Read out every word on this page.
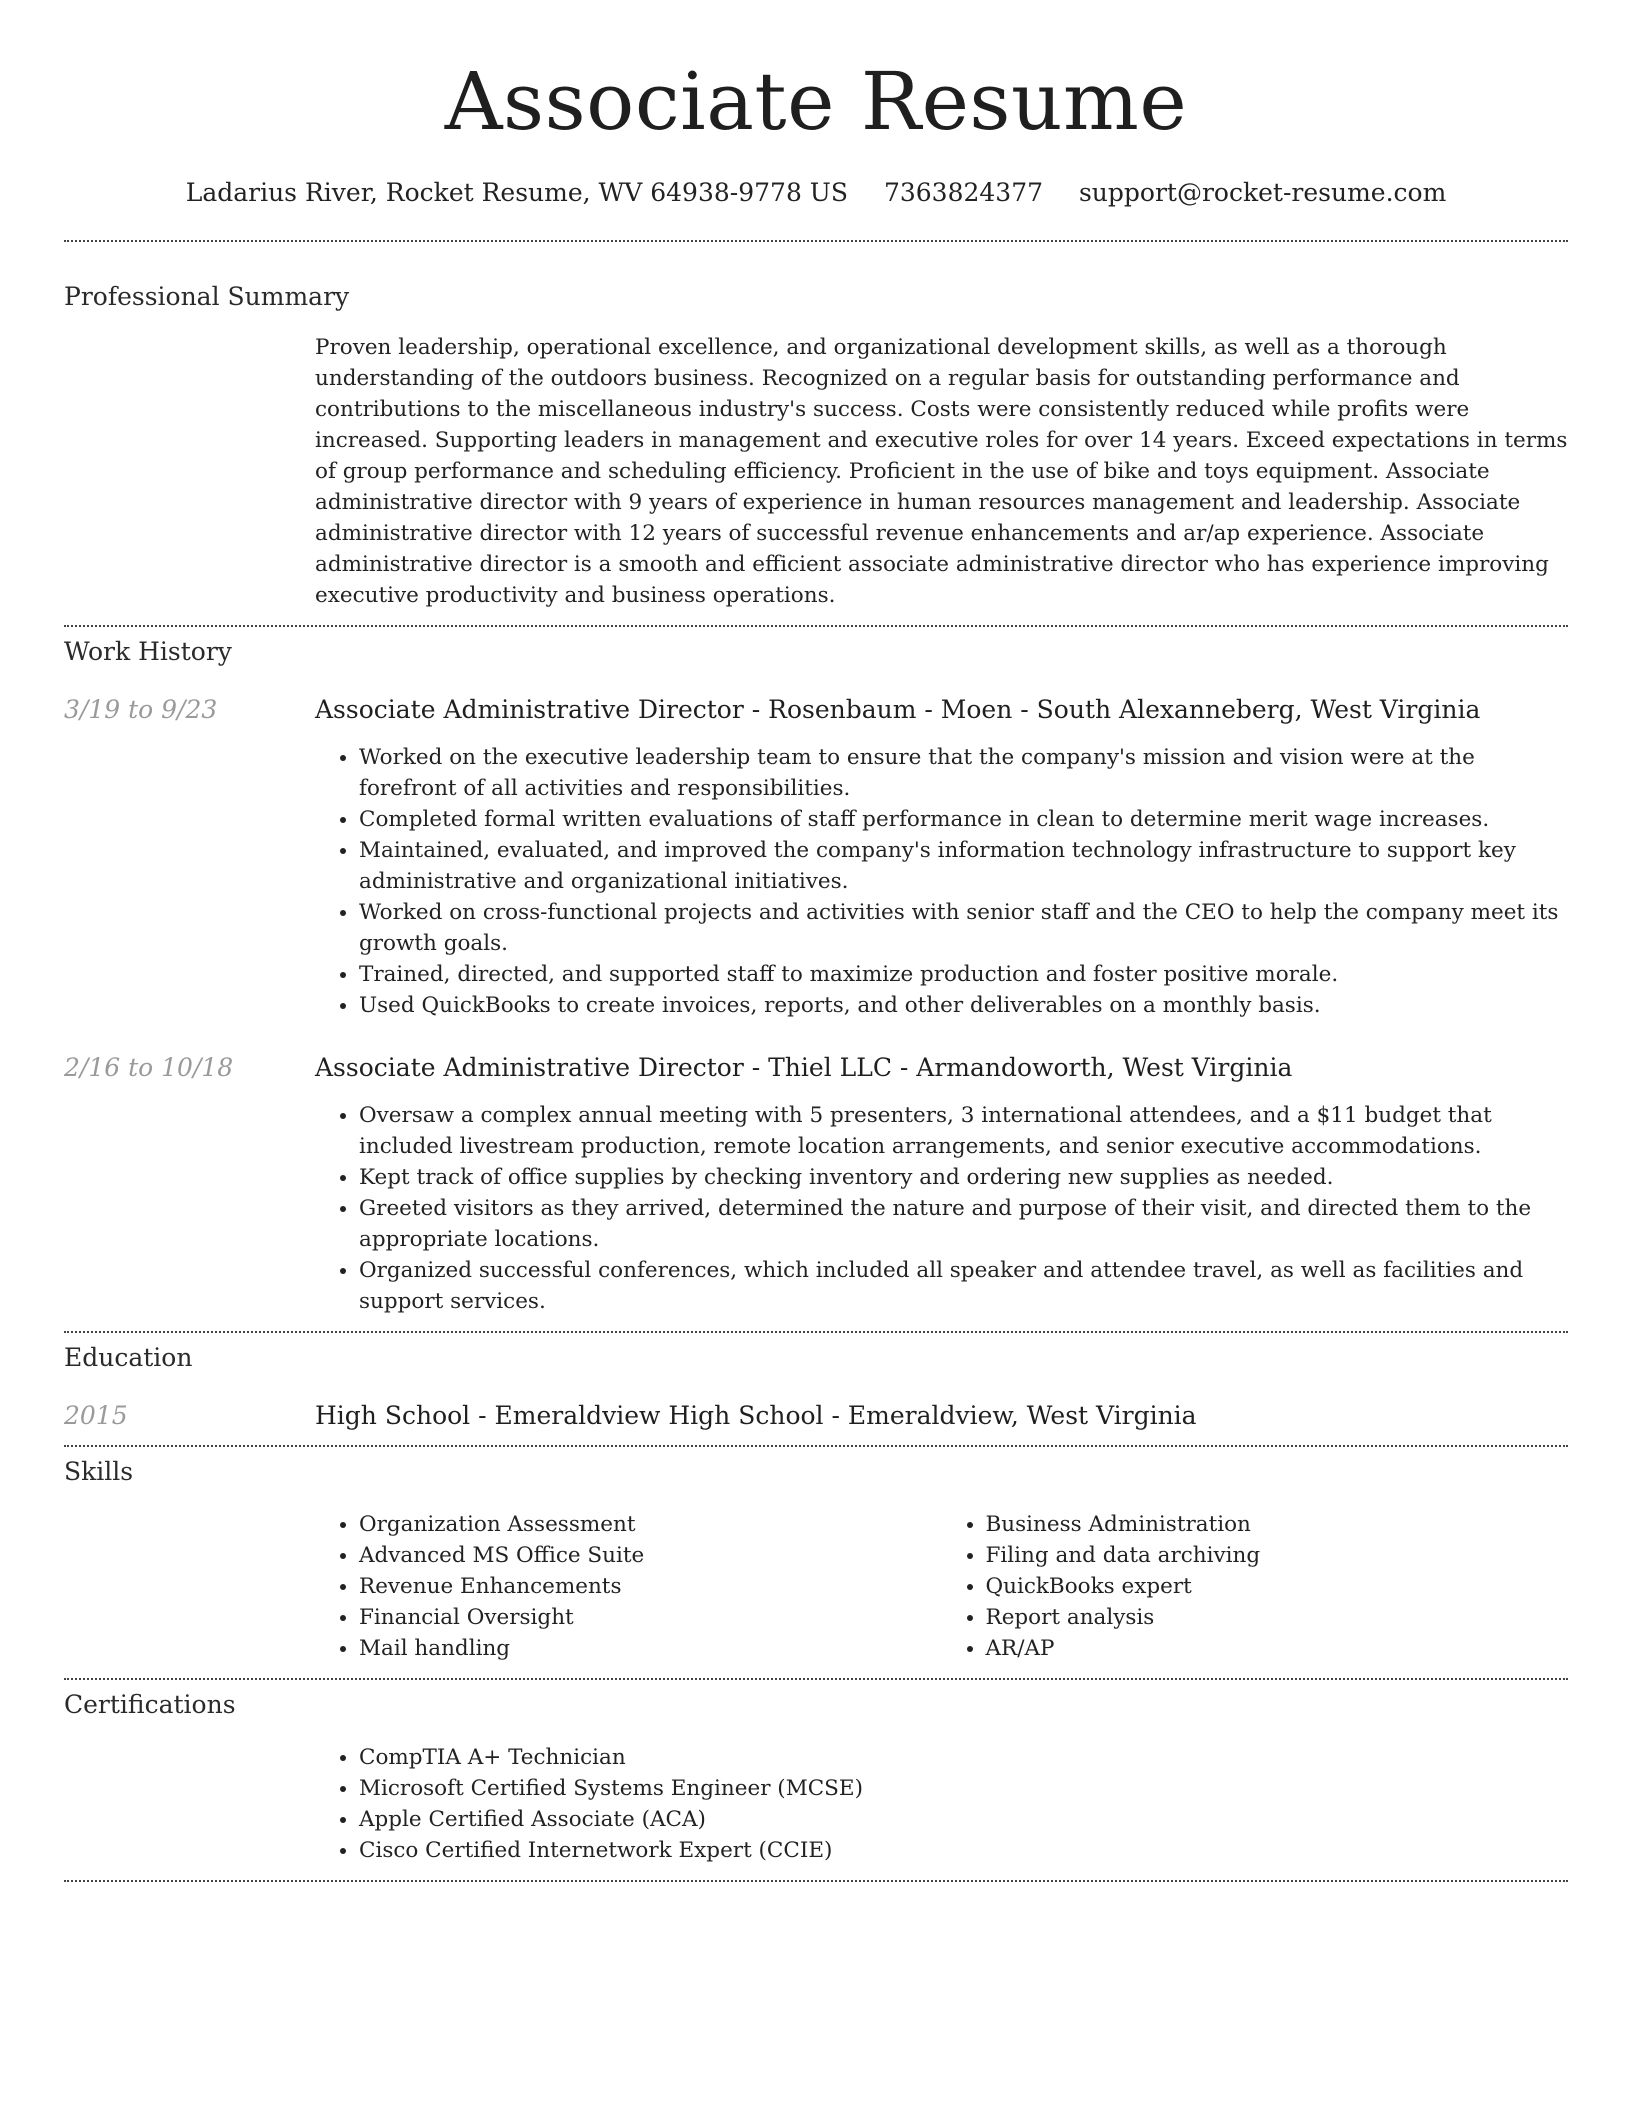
Associate Resume
Ladarius River, Rocket Resume, WV 64938-9778 US 7363824377 support@rocket-resume.com
Professional Summary
Proven leadership, operational excellence, and organizational development skills, as well as a thorough understanding of the outdoors business. Recognized on a regular basis for outstanding performance and contributions to the miscellaneous industry's success. Costs were consistently reduced while profits were increased. Supporting leaders in management and executive roles for over 14 years. Exceed expectations in terms of group performance and scheduling efficiency. Proficient in the use of bike and toys equipment. Associate administrative director with 9 years of experience in human resources management and leadership. Associate administrative director with 12 years of successful revenue enhancements and ar/ap experience. Associate administrative director is a smooth and efficient associate administrative director who has experience improving executive productivity and business operations.
Work History
3/19 to 9/23	Associate Administrative Director - Rosenbaum - Moen - South Alexanneberg, West Virginia
• Worked on the executive leadership team to ensure that the company's mission and vision were at the forefront of all activities and responsibilities.
• Completed formal written evaluations of staff performance in clean to determine merit wage increases.
• Maintained, evaluated, and improved the company's information technology infrastructure to support key administrative and organizational initiatives.
• Worked on cross-functional projects and activities with senior staff and the CEO to help the company meet its growth goals.
• Trained, directed, and supported staff to maximize production and foster positive morale.
• Used QuickBooks to create invoices, reports, and other deliverables on a monthly basis.
2/16 to 10/18	Associate Administrative Director - Thiel LLC - Armandoworth, West Virginia
• Oversaw a complex annual meeting with 5 presenters, 3 international attendees, and a $11 budget that included livestream production, remote location arrangements, and senior executive accommodations.
• Kept track of office supplies by checking inventory and ordering new supplies as needed.
• Greeted visitors as they arrived, determined the nature and purpose of their visit, and directed them to the appropriate locations.
• Organized successful conferences, which included all speaker and attendee travel, as well as facilities and support services.
Education
2015	High School - Emeraldview High School - Emeraldview, West Virginia
Skills
• Organization Assessment
• Advanced MS Office Suite
• Revenue Enhancements
• Financial Oversight
• Mail handling
• Business Administration
• Filing and data archiving
• QuickBooks expert
• Report analysis
• AR/AP
Certifications
• CompTIA A+ Technician
• Microsoft Certified Systems Engineer (MCSE)
• Apple Certified Associate (ACA)
• Cisco Certified Internetwork Expert (CCIE)
